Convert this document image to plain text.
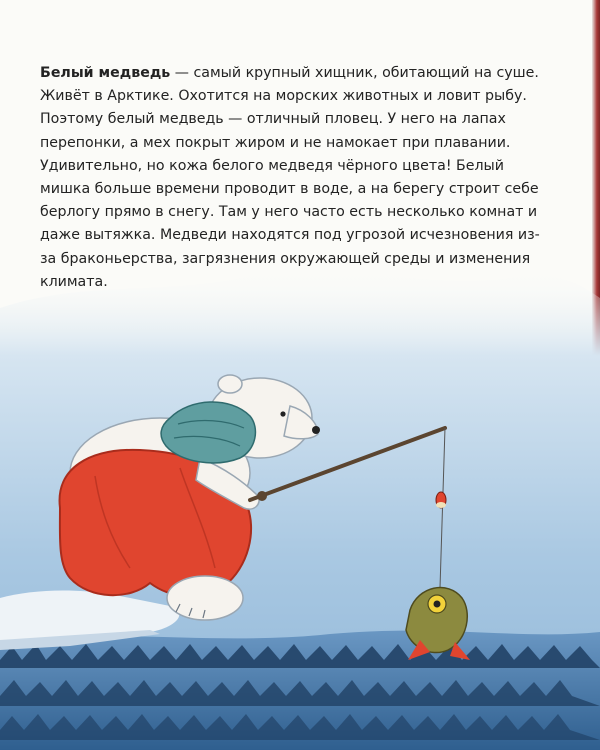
Белый медведь — самый крупный хищник, обитающий на суше. Живёт в Арктике. Охотится на морских животных и ловит рыбу. Поэтому белый медведь — отличный пловец. У него на лапах перепонки, а мех покрыт жиром и не намокает при плавании. Удивительно, но кожа белого медведя чёрного цвета! Белый мишка больше времени проводит в воде, а на берегу строит себе берлогу прямо в снегу. Там у него часто есть несколько комнат и даже вытяжка. Медведи находятся под угрозой исчезновения из-за браконьерства, загрязнения окружающей среды и изменения климата.
